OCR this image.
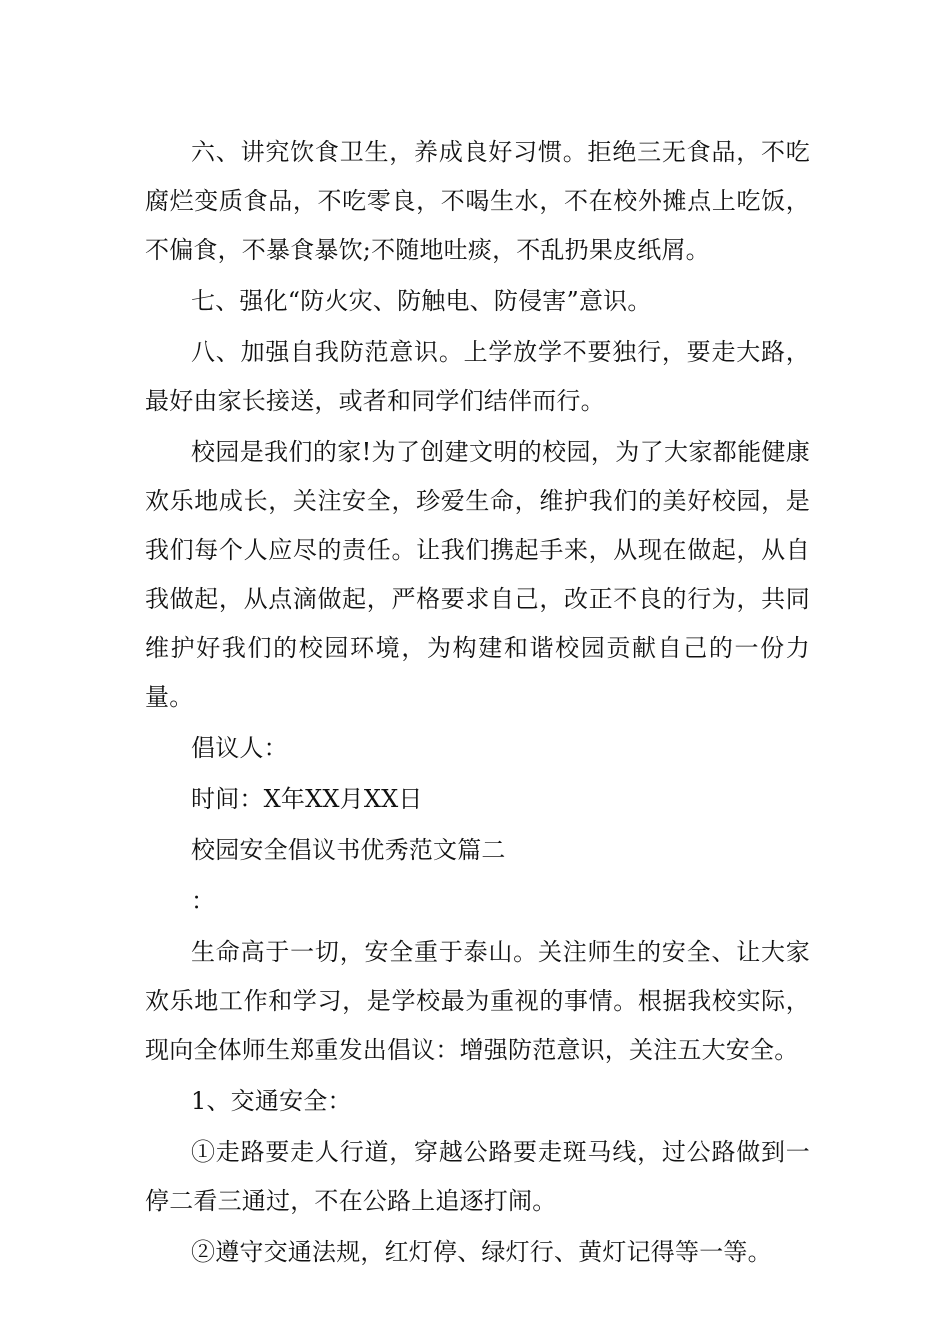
六、讲究饮食卫生，养成良好习惯。拒绝三无食品，不吃腐烂变质食品，不吃零良，不喝生水，不在校外摊点上吃饭，不偏食，不暴食暴饮;不随地吐痰，不乱扔果皮纸屑。

七、强化“防火灾、防触电、防侵害”意识。

八、加强自我防范意识。上学放学不要独行，要走大路，最好由家长接送，或者和同学们结伴而行。

校园是我们的家!为了创建文明的校园，为了大家都能健康欢乐地成长，关注安全，珍爱生命，维护我们的美好校园，是我们每个人应尽的责任。让我们携起手来，从现在做起，从自我做起，从点滴做起，严格要求自己，改正不良的行为，共同维护好我们的校园环境，为构建和谐校园贡献自己的一份力量。

倡议人：

时间：X年XX月XX日

校园安全倡议书优秀范文篇二

：

生命高于一切，安全重于泰山。关注师生的安全、让大家欢乐地工作和学习，是学校最为重视的事情。根据我校实际，现向全体师生郑重发出倡议：增强防范意识，关注五大安全。

1、交通安全：

①走路要走人行道，穿越公路要走斑马线，过公路做到一停二看三通过，不在公路上追逐打闹。

②遵守交通法规，红灯停、绿灯行、黄灯记得等一等。
